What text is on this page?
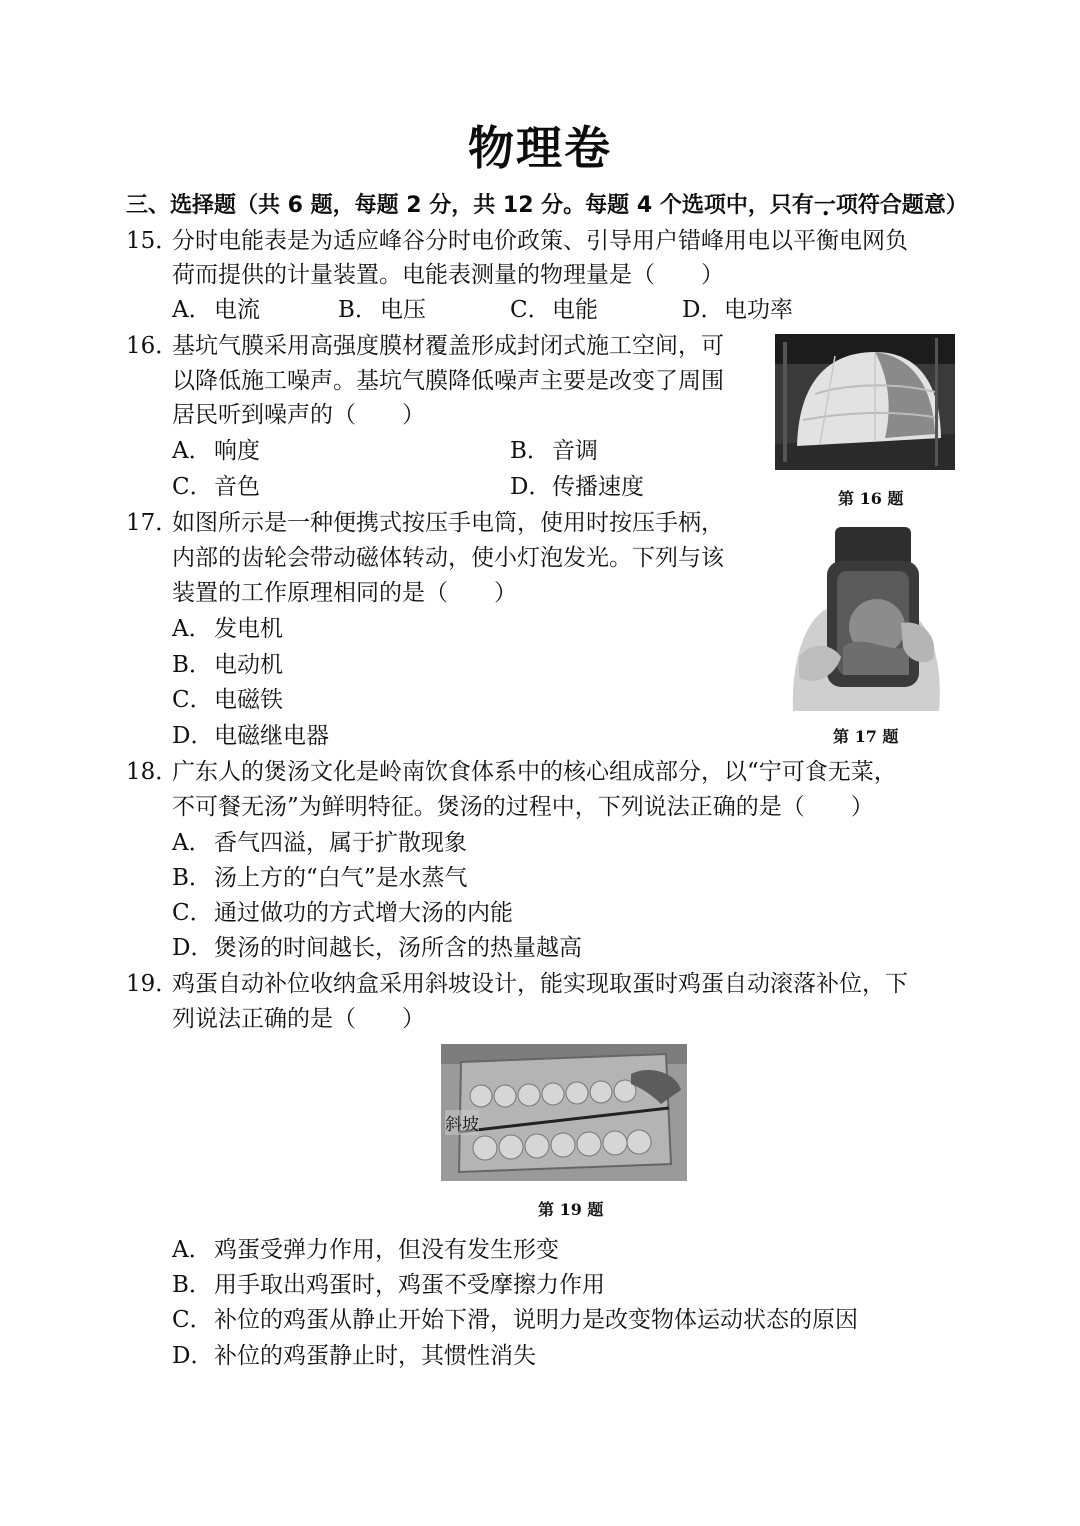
物理卷
三、选择题（共 6 题，每题 2 分，共 12 分。每题 4 个选项中，只有一项符合题意）
15．
分时电能表是为适应峰谷分时电价政策、引导用户错峰用电以平衡电网负
荷而提供的计量装置。电能表测量的物理量是（　　）
A． 电流	B．电压	C．电能	D．电功率
16．
基坑气膜采用高强度膜材覆盖形成封闭式施工空间，可
以降低施工噪声。基坑气膜降低噪声主要是改变了周围
居民听到噪声的（　　）
A． 响度	B．音调
C．音色	D．传播速度	第 16 题
17．
如图所示是一种便携式按压手电筒，使用时按压手柄，
内部的齿轮会带动磁体转动，使小灯泡发光。下列与该
装置的工作原理相同的是（　　）
A． 发电机
B．电动机
C．电磁铁
D．电磁继电器	第 17 题
18．
广东人的煲汤文化是岭南饮食体系中的核心组成部分，以“宁可食无菜，
不可餐无汤”为鲜明特征。煲汤的过程中，下列说法正确的是（　　）
A． 香气四溢，属于扩散现象
B．汤上方的“白气”是水蒸气
C．通过做功的方式增大汤的内能
D．煲汤的时间越长，汤所含的热量越高
19．
鸡蛋自动补位收纳盒采用斜坡设计，能实现取蛋时鸡蛋自动滚落补位，下
列说法正确的是（　　）
斜坡
第 19 题
A． 鸡蛋受弹力作用，但没有发生形变
B．用手取出鸡蛋时，鸡蛋不受摩擦力作用
C．补位的鸡蛋从静止开始下滑，说明力是改变物体运动状态的原因
D．补位的鸡蛋静止时，其惯性消失
